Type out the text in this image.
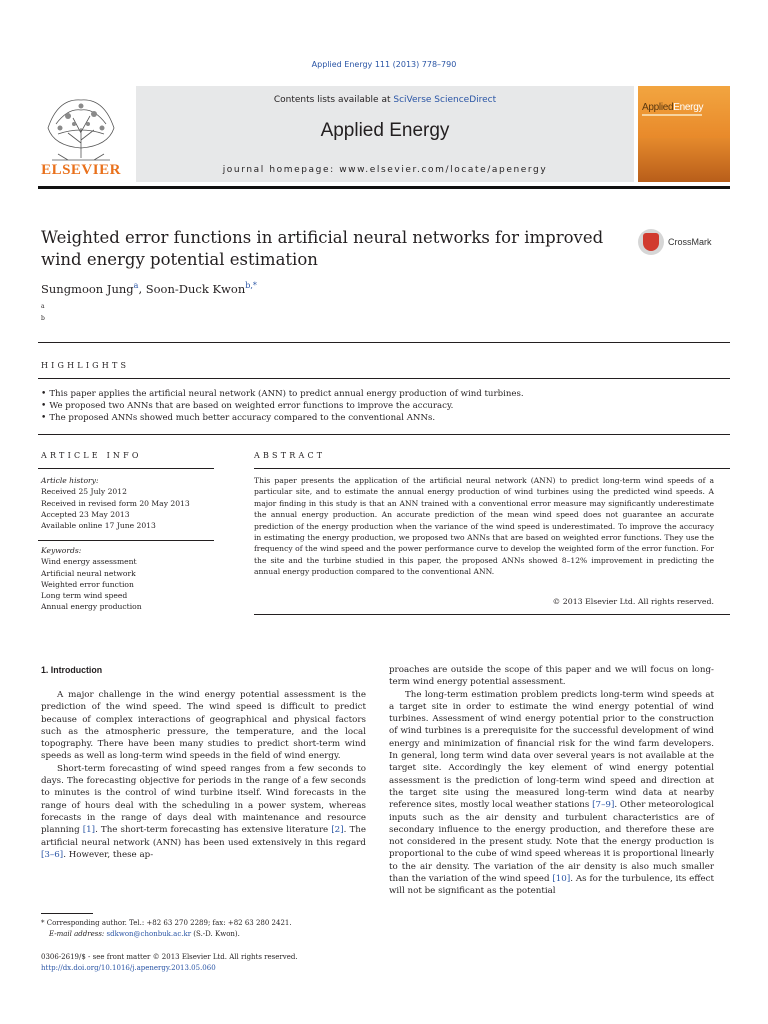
Applied Energy 111 (2013) 778–790
Contents lists available at SciVerse ScienceDirect
Applied Energy
journal homepage: www.elsevier.com/locate/apenergy
ELSEVIER
AppliedEnergy
Weighted error functions in artificial neural networks for improved wind energy potential estimation
CrossMark
Sungmoon Jung$^a$, Soon-Duck Kwon$^{b,*}$
a
b
HIGHLIGHTS
• This paper applies the artificial neural network (ANN) to predict annual energy production of wind turbines.
• We proposed two ANNs that are based on weighted error functions to improve the accuracy.
• The proposed ANNs showed much better accuracy compared to the conventional ANNs.
ARTICLE INFO
Article history:
Received 25 July 2012
Received in revised form 20 May 2013
Accepted 23 May 2013
Available online 17 June 2013
Keywords:
Wind energy assessment
Artificial neural network
Weighted error function
Long term wind speed
Annual energy production
ABSTRACT
This paper presents the application of the artificial neural network (ANN) to predict long-term wind speeds of a particular site, and to estimate the annual energy production of wind turbines using the predicted wind speeds. A major finding in this study is that an ANN trained with a conventional error measure may significantly underestimate the annual energy production. An accurate prediction of the mean wind speed does not guarantee an accurate prediction of the energy production when the variance of the wind speed is underestimated. To improve the accuracy in estimating the energy production, we proposed two ANNs that are based on weighted error functions. They use the frequency of the wind speed and the power performance curve to develop the weighted form of the error function. For the site and the turbine studied in this paper, the proposed ANNs showed 8–12% improvement in predicting the annual energy production compared to the conventional ANN.
© 2013 Elsevier Ltd. All rights reserved.
1. Introduction
A major challenge in the wind energy potential assessment is the prediction of the wind speed. The wind speed is difficult to predict because of complex interactions of geographical and physical factors such as the atmospheric pressure, the temperature, and the local topography. There have been many studies to predict short-term wind speeds as well as long-term wind speeds in the field of wind energy.
Short-term forecasting of wind speed ranges from a few seconds to days. The forecasting objective for periods in the range of a few seconds to minutes is the control of wind turbine itself. Wind forecasts in the range of hours deal with the scheduling in a power system, whereas forecasts in the range of days deal with maintenance and resource planning [1]. The short-term forecasting has extensive literature [2]. The artificial neural network (ANN) has been used extensively in this regard [3–6]. However, these ap-
proaches are outside the scope of this paper and we will focus on long-term wind energy potential assessment.
The long-term estimation problem predicts long-term wind speeds at a target site in order to estimate the wind energy potential of wind turbines. Assessment of wind energy potential prior to the construction of wind turbines is a prerequisite for the successful development of wind energy and minimization of financial risk for the wind farm developers. In general, long term wind data over several years is not available at the target site. Accordingly the key element of wind energy potential assessment is the prediction of long-term wind speed and direction at the target site using the measured long-term wind data at nearby reference sites, mostly local weather stations [7–9]. Other meteorological inputs such as the air density and turbulent characteristics are of secondary influence to the energy production, and therefore these are not considered in the present study. Note that the energy production is proportional to the cube of wind speed whereas it is proportional linearly to the air density. The variation of the air density is also much smaller than the variation of the wind speed [10]. As for the turbulence, its effect will not be significant as the potential
* Corresponding author. Tel.: +82 63 270 2289; fax: +82 63 280 2421.
E-mail address: sdkwon@chonbuk.ac.kr (S.-D. Kwon).
0306-2619/$ - see front matter © 2013 Elsevier Ltd. All rights reserved.
http://dx.doi.org/10.1016/j.apenergy.2013.05.060
